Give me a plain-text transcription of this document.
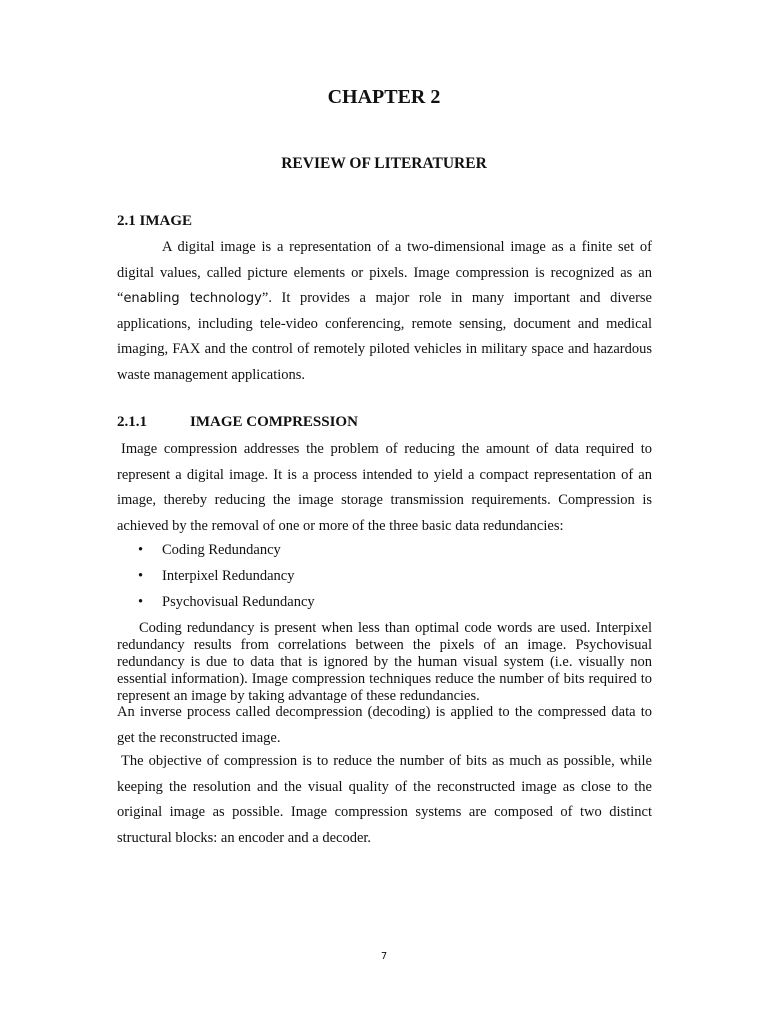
CHAPTER 2
REVIEW OF LITERATURER
2.1 IMAGE

A digital image is a representation of a two-dimensional image as a finite set of digital values, called picture elements or pixels. Image compression is recognized as an “enabling technology”. It provides a major role in many important and diverse applications, including tele-video conferencing, remote sensing, document and medical imaging, FAX and the control of remotely piloted vehicles in military space and hazardous waste management applications.

2.1.1	IMAGE COMPRESSION

Image compression addresses the problem of reducing the amount of data required to represent a digital image. It is a process intended to yield a compact representation of an image, thereby reducing the image storage transmission requirements. Compression is achieved by the removal of one or more of the three basic data redundancies:

• Coding Redundancy
• Interpixel Redundancy
• Psychovisual Redundancy

Coding redundancy is present when less than optimal code words are used. Interpixel redundancy results from correlations between the pixels of an image. Psychovisual redundancy is due to data that is ignored by the human visual system (i.e. visually non essential information). Image compression techniques reduce the number of bits required to represent an image by taking advantage of these redundancies.

An inverse process called decompression (decoding) is applied to the compressed data to get the reconstructed image.

The objective of compression is to reduce the number of bits as much as possible, while keeping the resolution and the visual quality of the reconstructed image as close to the original image as possible. Image compression systems are composed of two distinct structural blocks: an encoder and a decoder.

7
